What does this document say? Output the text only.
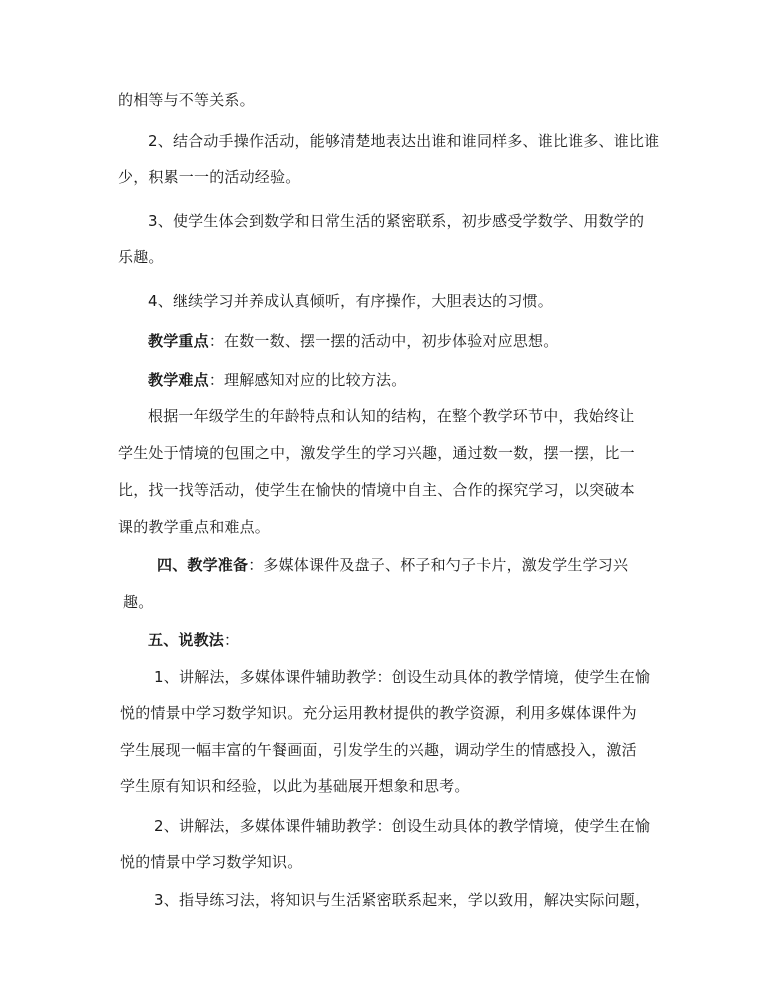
的相等与不等关系。
2、结合动手操作活动，能够清楚地表达出谁和谁同样多、谁比谁多、谁比谁
少，积累一一的活动经验。
3、使学生体会到数学和日常生活的紧密联系，初步感受学数学、用数学的
乐趣。
4、继续学习并养成认真倾听，有序操作，大胆表达的习惯。
教学重点：在数一数、摆一摆的活动中，初步体验对应思想。
教学难点：理解感知对应的比较方法。
根据一年级学生的年龄特点和认知的结构，在整个教学环节中，我始终让
学生处于情境的包围之中，激发学生的学习兴趣，通过数一数，摆一摆，比一
比，找一找等活动，使学生在愉快的情境中自主、合作的探究学习，以突破本
课的教学重点和难点。
四、教学准备：多媒体课件及盘子、杯子和勺子卡片，激发学生学习兴
趣。
五、说教法：
1、讲解法，多媒体课件辅助教学：创设生动具体的教学情境，使学生在愉
悦的情景中学习数学知识。充分运用教材提供的教学资源，利用多媒体课件为
学生展现一幅丰富的午餐画面，引发学生的兴趣，调动学生的情感投入，激活
学生原有知识和经验，以此为基础展开想象和思考。
2、讲解法，多媒体课件辅助教学：创设生动具体的教学情境，使学生在愉
悦的情景中学习数学知识。
3、指导练习法，将知识与生活紧密联系起来，学以致用，解决实际问题，
